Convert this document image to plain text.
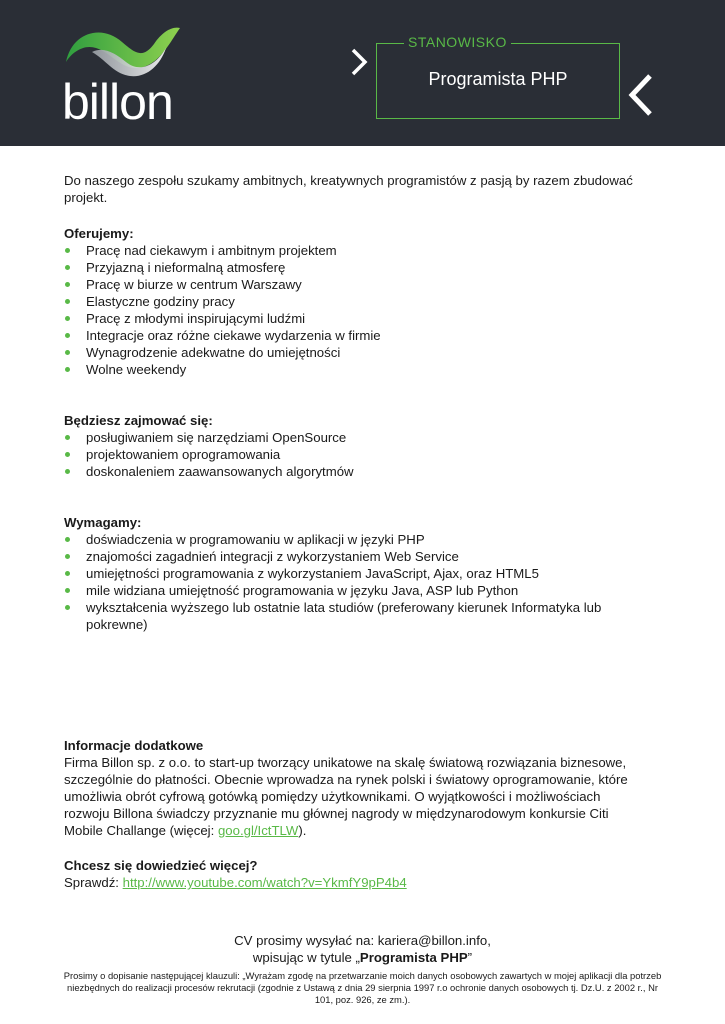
billon
STANOWISKO
Programista PHP

Do naszego zespołu szukamy ambitnych, kreatywnych programistów z pasją by razem zbudować projekt.

Oferujemy:
Pracę nad ciekawym i ambitnym projektem
Przyjazną i nieformalną atmosferę
Pracę w biurze w centrum Warszawy
Elastyczne godziny pracy
Pracę z młodymi inspirującymi ludźmi
Integracje oraz różne ciekawe wydarzenia w firmie
Wynagrodzenie adekwatne do umiejętności
Wolne weekendy
Będziesz zajmować się:
posługiwaniem się narzędziami OpenSource
projektowaniem oprogramowania
doskonaleniem zaawansowanych algorytmów
Wymagamy:
doświadczenia w programowaniu w aplikacji w języki PHP
znajomości zagadnień integracji z wykorzystaniem Web Service
umiejętności programowania z wykorzystaniem JavaScript, Ajax, oraz HTML5
mile widziana umiejętność programowania w języku Java, ASP lub Python
wykształcenia wyższego lub ostatnie lata studiów (preferowany kierunek Informatyka lub pokrewne)
Informacje dodatkowe

Firma Billon sp. z o.o. to start-up tworzący unikatowe na skalę światową rozwiązania biznesowe, szczególnie do płatności. Obecnie wprowadza na rynek polski i światowy oprogramowanie, które umożliwia obrót cyfrową gotówką pomiędzy użytkownikami. O wyjątkowości i możliwościach rozwoju Billona świadczy przyznanie mu głównej nagrody w międzynarodowym konkursie Citi Mobile Challange (więcej: goo.gl/IctTLW).

Chcesz się dowiedzieć więcej?

Sprawdź: http://www.youtube.com/watch?v=YkmfY9pP4b4

CV prosimy wysyłać na: kariera@billon.info,
wpisując w tytule „Programista PHP”
Prosimy o dopisanie następującej klauzuli: „Wyrażam zgodę na przetwarzanie moich danych osobowych zawartych w mojej aplikacji dla potrzeb niezbędnych do realizacji procesów rekrutacji (zgodnie z Ustawą z dnia 29 sierpnia 1997 r.o ochronie danych osobowych tj. Dz.U. z 2002 r., Nr 101, poz. 926, ze zm.).
